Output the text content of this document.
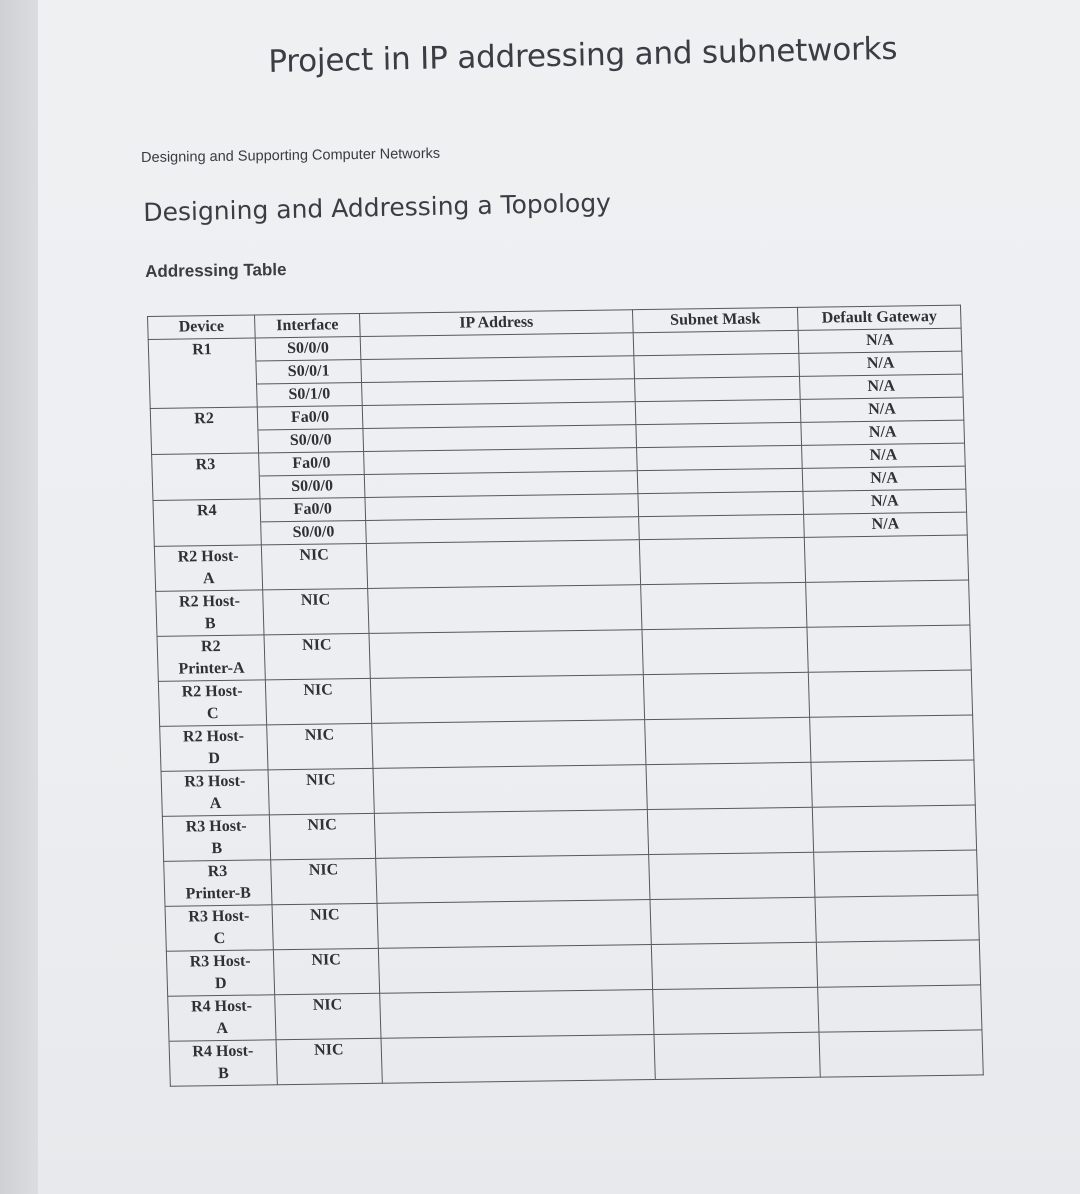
Project in IP addressing and subnetworks
Designing and Supporting Computer Networks
Designing and Addressing a Topology
Addressing Table
Device	Interface	IP Address	Subnet Mask	Default Gateway
R1	S0/0/0			N/A
	S0/0/1			N/A
	S0/1/0			N/A
R2	Fa0/0			N/A
	S0/0/0			N/A
R3	Fa0/0			N/A
	S0/0/0			N/A
R4	Fa0/0			N/A
	S0/0/0			N/A

R2 Host-
A	NIC			

R2 Host-
B	NIC			

R2
Printer-A	NIC			

R2 Host-
C	NIC			

R2 Host-
D	NIC			

R3 Host-
A	NIC			

R3 Host-
B	NIC			

R3
Printer-B	NIC			

R3 Host-
C	NIC			

R3 Host-
D	NIC			

R4 Host-
A	NIC			

R4 Host-
B	NIC			
